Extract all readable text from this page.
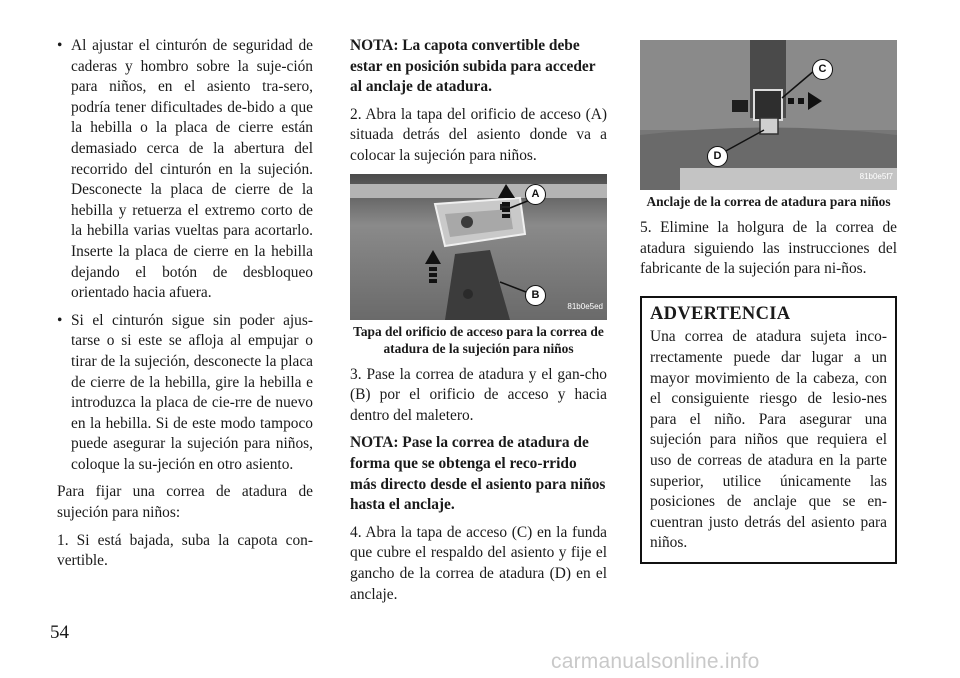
• Al ajustar el cinturón de seguridad de caderas y hombro sobre la suje-ción para niños, en el asiento tra-sero, podría tener dificultades de-bido a que la hebilla o la placa de cierre están demasiado cerca de la abertura del recorrido del cinturón en la sujeción. Desconecte la placa de cierre de la hebilla y retuerza el extremo corto de la hebilla varias vueltas para acortarlo. Inserte la placa de cierre en la hebilla dejando el botón de desbloqueo orientado hacia afuera.

• Si el cinturón sigue sin poder ajus-tarse o si este se afloja al empujar o tirar de la sujeción, desconecte la placa de cierre de la hebilla, gire la hebilla e introduzca la placa de cie-rre de nuevo en la hebilla. Si de este modo tampoco puede asegurar la sujeción para niños, coloque la su-jeción en otro asiento.

Para fijar una correa de atadura de sujeción para niños:

1. Si está bajada, suba la capota con-vertible.

NOTA: La capota convertible debe estar en posición subida para acceder al anclaje de atadura.

2. Abra la tapa del orificio de acceso (A) situada detrás del asiento donde va a colocar la sujeción para niños.

A
B
81b0e5ed
Tapa del orificio de acceso para la correa de atadura de la sujeción para niños

3. Pase la correa de atadura y el gan-cho (B) por el orificio de acceso y hacia dentro del maletero.

NOTA: Pase la correa de atadura de forma que se obtenga el reco-rrido más directo desde el asiento para niños hasta el anclaje.

4. Abra la tapa de acceso (C) en la funda que cubre el respaldo del asiento y fije el gancho de la correa de atadura (D) en el anclaje.

C
D
81b0e5f7
Anclaje de la correa de atadura para niños

5. Elimine la holgura de la correa de atadura siguiendo las instrucciones del fabricante de la sujeción para ni-ños.

ADVERTENCIA

Una correa de atadura sujeta inco-rrectamente puede dar lugar a un mayor movimiento de la cabeza, con el consiguiente riesgo de lesio-nes para el niño. Para asegurar una sujeción para niños que requiera el uso de correas de atadura en la parte superior, utilice únicamente las posiciones de anclaje que se en-cuentran justo detrás del asiento para niños.

54
carmanualsonline.info
